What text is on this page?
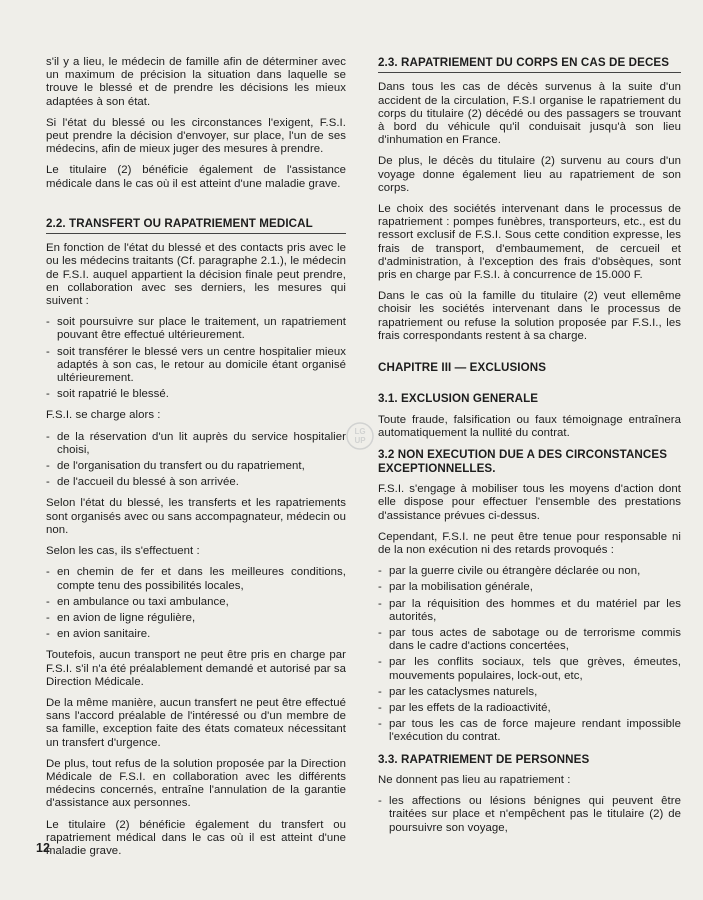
s'il y a lieu, le médecin de famille afin de déterminer avec un maximum de précision la situation dans laquelle se trouve le blessé et de prendre les décisions les mieux adaptées à son état.

Si l'état du blessé ou les circonstances l'exigent, F.S.I. peut prendre la décision d'envoyer, sur place, l'un de ses médecins, afin de mieux juger des mesures à prendre.

Le titulaire (2) bénéficie également de l'assistance médicale dans le cas où il est atteint d'une maladie grave.

2.2. TRANSFERT OU RAPATRIEMENT MEDICAL

En fonction de l'état du blessé et des contacts pris avec le ou les médecins traitants (Cf. paragraphe 2.1.), le médecin de F.S.I. auquel appartient la décision finale peut prendre, en collaboration avec ses derniers, les mesures qui suivent :

- soit poursuivre sur place le traitement, un rapatriement pouvant être effectué ultérieurement.
- soit transférer le blessé vers un centre hospitalier mieux adaptés à son cas, le retour au domicile étant organisé ultérieurement.
- soit rapatrié le blessé.

F.S.I. se charge alors :

- de la réservation d'un lit auprès du service hospitalier choisi,
- de l'organisation du transfert ou du rapatriement,
- de l'accueil du blessé à son arrivée.

Selon l'état du blessé, les transferts et les rapatriements sont organisés avec ou sans accompagnateur, médecin ou non.

Selon les cas, ils s'effectuent :

- en chemin de fer et dans les meilleures conditions, compte tenu des possibilités locales,
- en ambulance ou taxi ambulance,
- en avion de ligne régulière,
- en avion sanitaire.

Toutefois, aucun transport ne peut être pris en charge par F.S.I. s'il n'a été préalablement demandé et autorisé par sa Direction Médicale.

De la même manière, aucun transfert ne peut être effectué sans l'accord préalable de l'intéressé ou d'un membre de sa famille, exception faite des états comateux nécessitant un transfert d'urgence.

De plus, tout refus de la solution proposée par la Direction Médicale de F.S.I. en collaboration avec les différents médecins concernés, entraîne l'annulation de la garantie d'assistance aux personnes.

Le titulaire (2) bénéficie également du transfert ou rapatriement médical dans le cas où il est atteint d'une maladie grave.

2.3. RAPATRIEMENT DU CORPS EN CAS DE DECES

Dans tous les cas de décès survenus à la suite d'un accident de la circulation, F.S.I organise le rapatriement du corps du titulaire (2) décédé ou des passagers se trouvant à bord du véhicule qu'il conduisait jusqu'à son lieu d'inhumation en France.

De plus, le décès du titulaire (2) survenu au cours d'un voyage donne également lieu au rapatriement de son corps.

Le choix des sociétés intervenant dans le processus de rapatriement : pompes funèbres, transporteurs, etc., est du ressort exclusif de F.S.I. Sous cette condition expresse, les frais de transport, d'embaumement, de cercueil et d'administration, à l'exception des frais d'obsèques, sont pris en charge par F.S.I. à concurrence de 15.000 F.

Dans le cas où la famille du titulaire (2) veut ellemême choisir les sociétés intervenant dans le processus de rapatriement ou refuse la solution proposée par F.S.I., les frais correspondants restent à sa charge.

CHAPITRE III — EXCLUSIONS
3.1. EXCLUSION GENERALE

Toute fraude, falsification ou faux témoignage entraînera automatiquement la nullité du contrat.

3.2 NON EXECUTION DUE A DES CIRCONSTANCES EXCEPTIONNELLES.

F.S.I. s'engage à mobiliser tous les moyens d'action dont elle dispose pour effectuer l'ensemble des prestations d'assistance prévues ci-dessus.

Cependant, F.S.I. ne peut être tenue pour responsable ni de la non exécution ni des retards provoqués :

- par la guerre civile ou étrangère déclarée ou non,
- par la mobilisation générale,
- par la réquisition des hommes et du matériel par les autorités,
- par tous actes de sabotage ou de terrorisme commis dans le cadre d'actions concertées,
- par les conflits sociaux, tels que grèves, émeutes, mouvements populaires, lock-out, etc,
- par les cataclysmes naturels,
- par les effets de la radioactivité,
- par tous les cas de force majeure rendant impossible l'exécution du contrat.
3.3. RAPATRIEMENT DE PERSONNES

Ne donnent pas lieu au rapatriement :

- les affections ou lésions bénignes qui peuvent être traitées sur place et n'empêchent pas le titulaire (2) de poursuivre son voyage,
LG
UP
12
